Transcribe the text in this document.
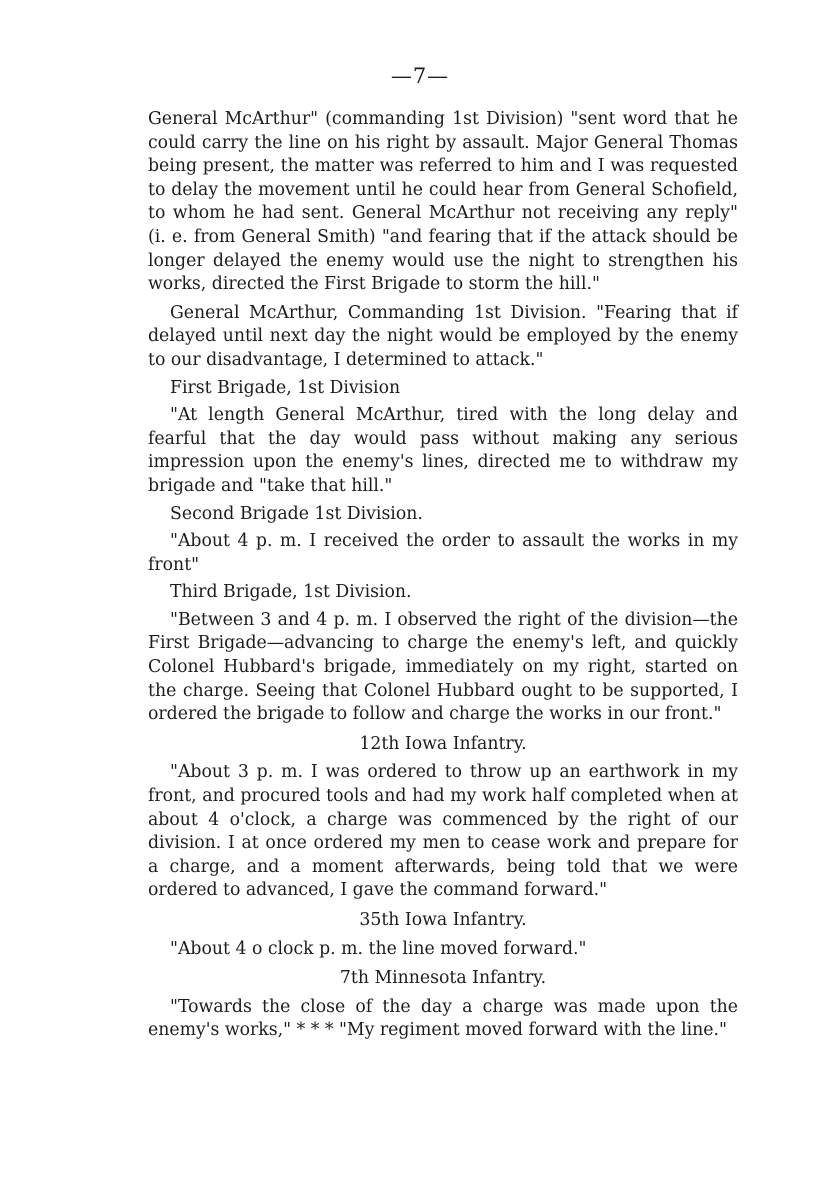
—7—

General McArthur" (commanding 1st Division) "sent word that he could carry the line on his right by assault. Major General Thomas being present, the matter was referred to him and I was requested to delay the movement until he could hear from General Schofield, to whom he had sent. General McArthur not receiving any reply" (i. e. from General Smith) "and fearing that if the attack should be longer delayed the enemy would use the night to strengthen his works, directed the First Brigade to storm the hill."

General McArthur, Commanding 1st Division. "Fearing that if delayed until next day the night would be employed by the enemy to our disadvantage, I determined to attack."

First Brigade, 1st Division

"At length General McArthur, tired with the long delay and fearful that the day would pass without making any serious impression upon the enemy's lines, directed me to withdraw my brigade and "take that hill."

Second Brigade 1st Division.

"About 4 p. m. I received the order to assault the works in my front"

Third Brigade, 1st Division.

"Between 3 and 4 p. m. I observed the right of the division—the First Brigade—advancing to charge the enemy's left, and quickly Colonel Hubbard's brigade, immediately on my right, started on the charge. Seeing that Colonel Hubbard ought to be supported, I ordered the brigade to follow and charge the works in our front."

12th Iowa Infantry.

"About 3 p. m. I was ordered to throw up an earthwork in my front, and procured tools and had my work half completed when at about 4 o'clock, a charge was commenced by the right of our division. I at once ordered my men to cease work and prepare for a charge, and a moment afterwards, being told that we were ordered to advanced, I gave the command forward."

35th Iowa Infantry.

"About 4 o clock p. m. the line moved forward."

7th Minnesota Infantry.

"Towards the close of the day a charge was made upon the enemy's works," * * * "My regiment moved forward with the line."
